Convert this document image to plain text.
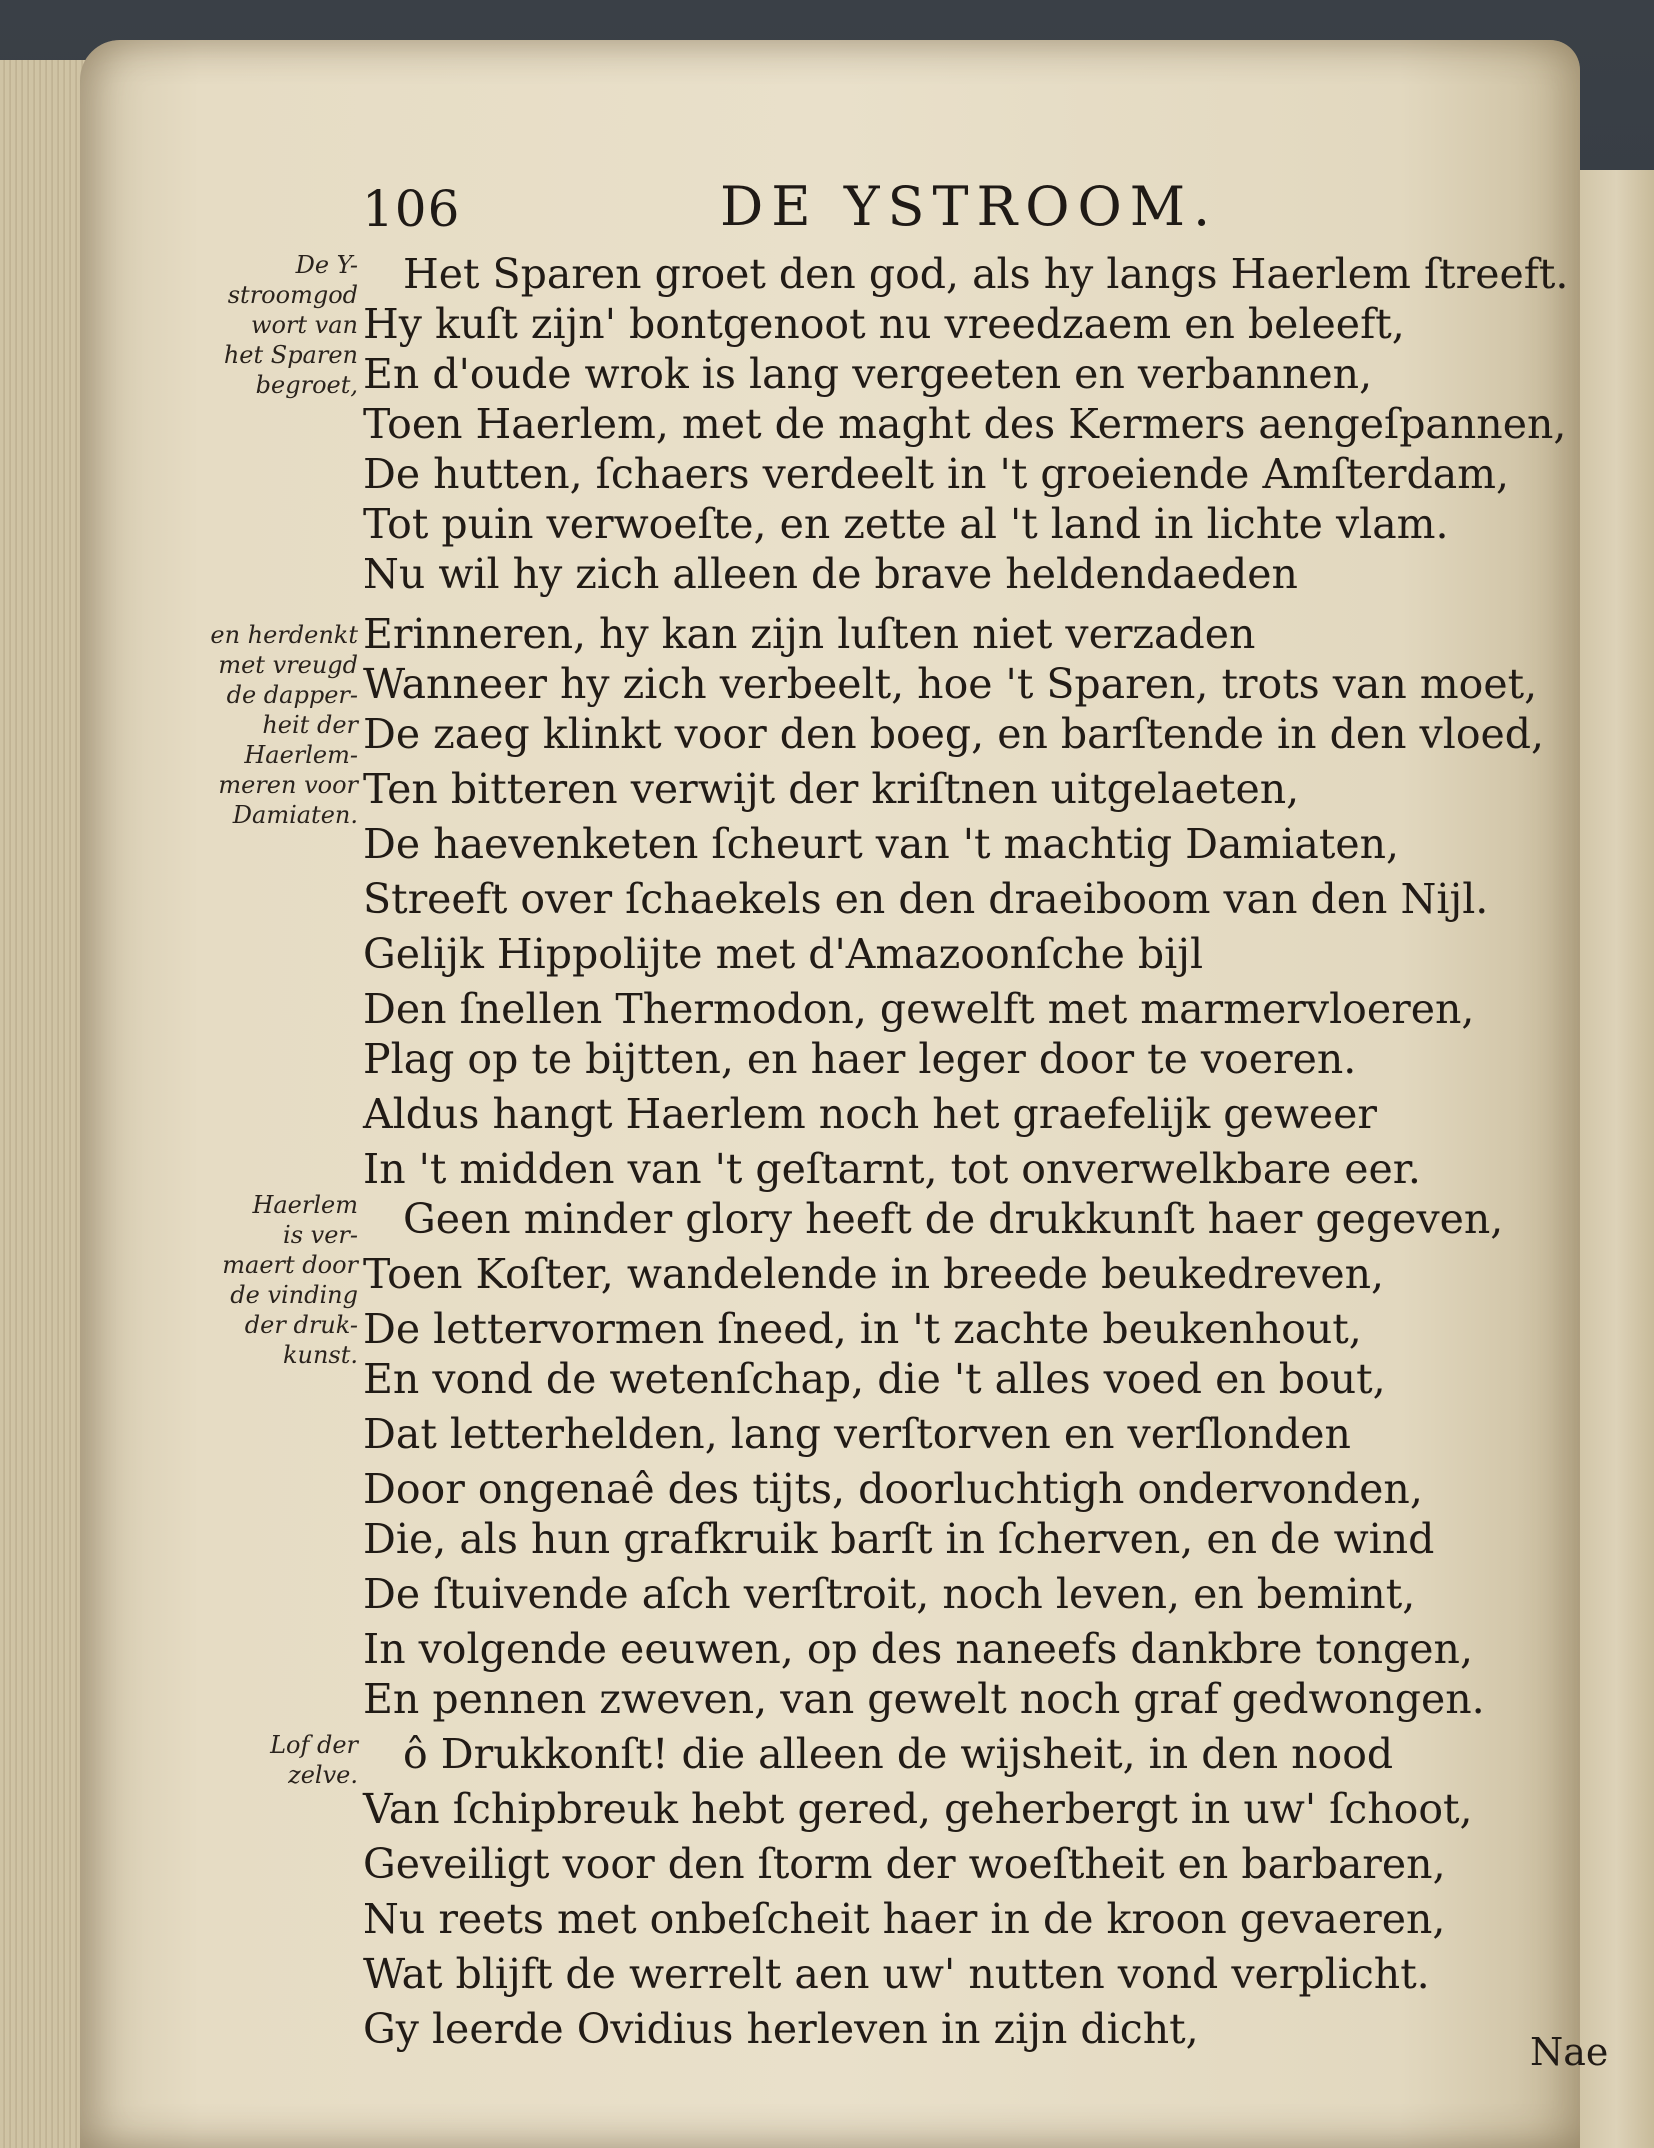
106	DE YSTROOM.
De Y-
stroomgod
wort van
het Sparen
begroet,
en herdenkt
met vreugd
de dapper-
heit der
Haerlem-
meren voor
Damiaten.
Haerlem
is ver-
maert door
de vinding
der druk-
kunst.
Lof der
zelve.
Het Sparen groet den god, als hy langs Haerlem ſtreeft.
Hy kuſt zijn' bontgenoot nu vreedzaem en beleeft,
En d'oude wrok is lang vergeeten en verbannen,
Toen Haerlem, met de maght des Kermers aengeſpannen,
De hutten, ſchaers verdeelt in 't groeiende Amſterdam,
Tot puin verwoeſte, en zette al 't land in lichte vlam.
Nu wil hy zich alleen de brave heldendaeden
Erinneren, hy kan zijn luſten niet verzaden
Wanneer hy zich verbeelt, hoe 't Sparen, trots van moet,
De zaeg klinkt voor den boeg, en barſtende in den vloed,
Ten bitteren verwijt der kriſtnen uitgelaeten,
De haevenketen ſcheurt van 't machtig Damiaten,
Streeft over ſchaekels en den draeiboom van den Nijl.
Gelijk Hippolijte met d'Amazoonſche bijl
Den ſnellen Thermodon, gewelft met marmervloeren,
Plag op te bijtten, en haer leger door te voeren.
Aldus hangt Haerlem noch het graefelijk geweer
In 't midden van 't geſtarnt, tot onverwelkbare eer.
Geen minder glory heeft de drukkunſt haer gegeven,
Toen Koſter, wandelende in breede beukedreven,
De lettervormen ſneed, in 't zachte beukenhout,
En vond de wetenſchap, die 't alles voed en bout,
Dat letterhelden, lang verſtorven en verſlonden
Door ongenaê des tijts, doorluchtigh ondervonden,
Die, als hun grafkruik barſt in ſcherven, en de wind
De ſtuivende aſch verſtroit, noch leven, en bemint,
In volgende eeuwen, op des naneefs dankbre tongen,
En pennen zweven, van gewelt noch graf gedwongen.
ô Drukkonſt! die alleen de wijsheit, in den nood
Van ſchipbreuk hebt gered, geherbergt in uw' ſchoot,
Geveiligt voor den ſtorm der woeſtheit en barbaren,
Nu reets met onbeſcheit haer in de kroon gevaeren,
Wat blijft de werrelt aen uw' nutten vond verplicht.
Gy leerde Ovidius herleven in zijn dicht,	Nae
